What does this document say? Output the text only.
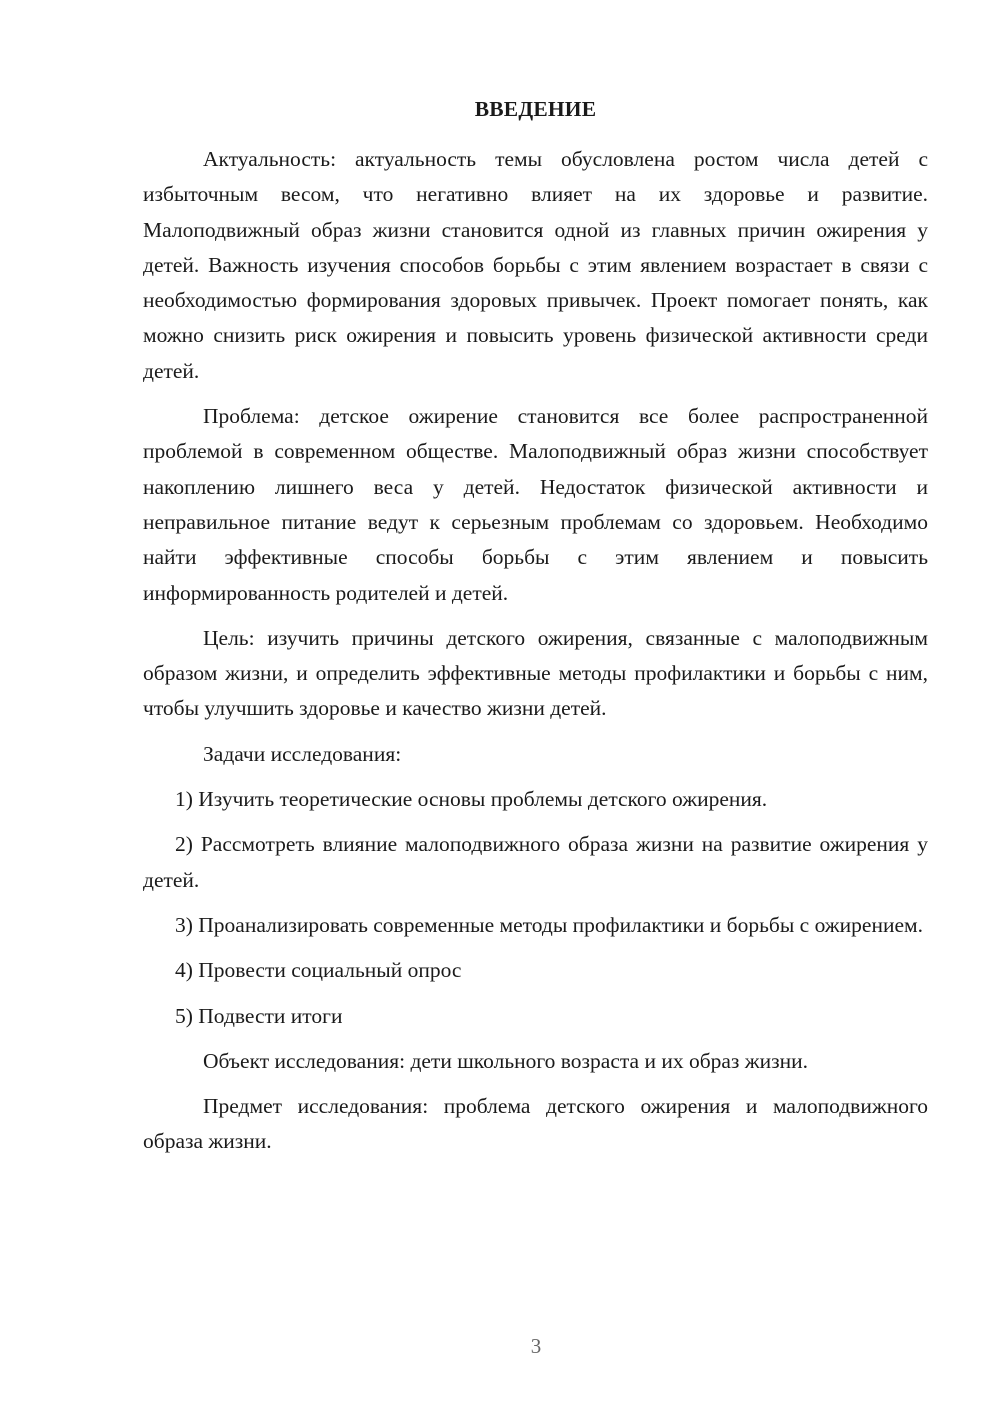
ВВЕДЕНИЕ

Актуальность: актуальность темы обусловлена ростом числа детей с избыточным весом, что негативно влияет на их здоровье и развитие. Малоподвижный образ жизни становится одной из главных причин ожирения у детей. Важность изучения способов борьбы с этим явлением возрастает в связи с необходимостью формирования здоровых привычек. Проект помогает понять, как можно снизить риск ожирения и повысить уровень физической активности среди детей.

Проблема: детское ожирение становится все более распространенной проблемой в современном обществе. Малоподвижный образ жизни способствует накоплению лишнего веса у детей. Недостаток физической активности и неправильное питание ведут к серьезным проблемам со здоровьем. Необходимо найти эффективные способы борьбы с этим явлением и повысить информированность родителей и детей.

Цель: изучить причины детского ожирения, связанные с малоподвижным образом жизни, и определить эффективные методы профилактики и борьбы с ним, чтобы улучшить здоровье и качество жизни детей.

Задачи исследования:

1) Изучить теоретические основы проблемы детского ожирения.

2) Рассмотреть влияние малоподвижного образа жизни на развитие ожирения у детей.

3) Проанализировать современные методы профилактики и борьбы с ожирением.

4) Провести социальный опрос

5) Подвести итоги

Объект исследования: дети школьного возраста и их образ жизни.

Предмет исследования: проблема детского ожирения и малоподвижного образа жизни.

3
